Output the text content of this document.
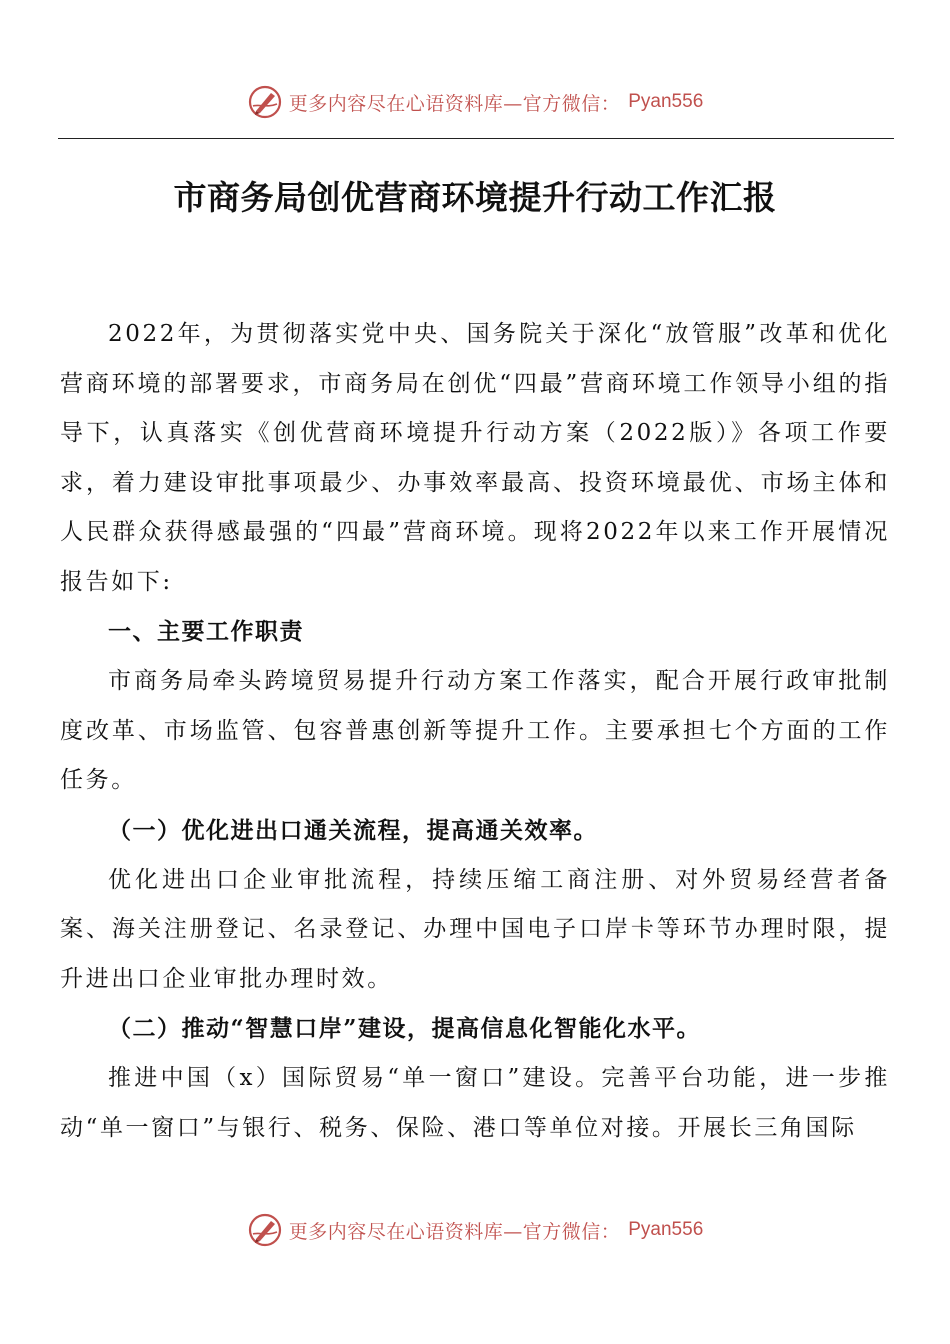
更多内容尽在心语资料库—官方微信： Pyan556
市商务局创优营商环境提升行动工作汇报

2022年，为贯彻落实党中央、国务院关于深化“放管服”改革和优化营商环境的部署要求，市商务局在创优“四最”营商环境工作领导小组的指导下，认真落实《创优营商环境提升行动方案（2022版）》各项工作要求，着力建设审批事项最少、办事效率最高、投资环境最优、市场主体和人民群众获得感最强的“四最”营商环境。现将2022年以来工作开展情况报告如下:

一、主要工作职责

市商务局牵头跨境贸易提升行动方案工作落实，配合开展行政审批制度改革、市场监管、包容普惠创新等提升工作。主要承担七个方面的工作任务。

（一）优化进出口通关流程，提高通关效率。

优化进出口企业审批流程，持续压缩工商注册、对外贸易经营者备案、海关注册登记、名录登记、办理中国电子口岸卡等环节办理时限，提升进出口企业审批办理时效。

（二）推动“智慧口岸”建设，提高信息化智能化水平。

推进中国（x）国际贸易“单一窗口”建设。完善平台功能，进一步推动“单一窗口”与银行、税务、保险、港口等单位对接。开展长三角国际

更多内容尽在心语资料库—官方微信： Pyan556
